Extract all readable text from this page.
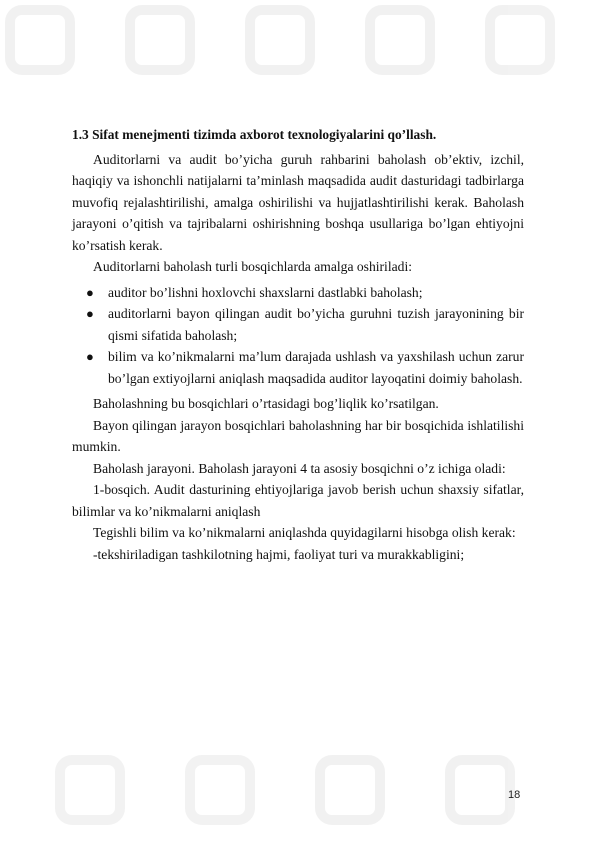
1.3 Sifat menejmenti tizimda axborot texnologiyalarini qo’llash.

Auditorlarni va audit bo’yicha guruh rahbarini baholash ob’ektiv, izchil, haqiqiy va ishonchli natijalarni ta’minlash maqsadida audit dasturidagi tadbirlarga muvofiq rejalashtirilishi, amalga oshirilishi va hujjatlashtirilishi kerak. Baholash jarayoni o’qitish va tajribalarni oshirishning boshqa usullariga bo’lgan ehtiyojni ko’rsatish kerak.

Auditorlarni baholash turli bosqichlarda amalga oshiriladi:

● auditor bo’lishni hoxlovchi shaxslarni dastlabki baholash;
● auditorlarni bayon qilingan audit bo’yicha guruhni tuzish jarayonining bir qismi sifatida baholash;
● bilim va ko’nikmalarni ma’lum darajada ushlash va yaxshilash uchun zarur bo’lgan extiyojlarni aniqlash maqsadida auditor layoqatini doimiy baholash.

Baholashning bu bosqichlari o’rtasidagi bog’liqlik ko’rsatilgan.

Bayon qilingan jarayon bosqichlari baholashning har bir bosqichida ishlatilishi mumkin.

Baholash jarayoni. Baholash jarayoni 4 ta asosiy bosqichni o’z ichiga oladi:

1-bosqich. Audit dasturining ehtiyojlariga javob berish uchun shaxsiy sifatlar, bilimlar va ko’nikmalarni aniqlash

Tegishli bilim va ko’nikmalarni aniqlashda quyidagilarni hisobga olish kerak:

-tekshiriladigan tashkilotning hajmi, faoliyat turi va murakkabligini;

18
